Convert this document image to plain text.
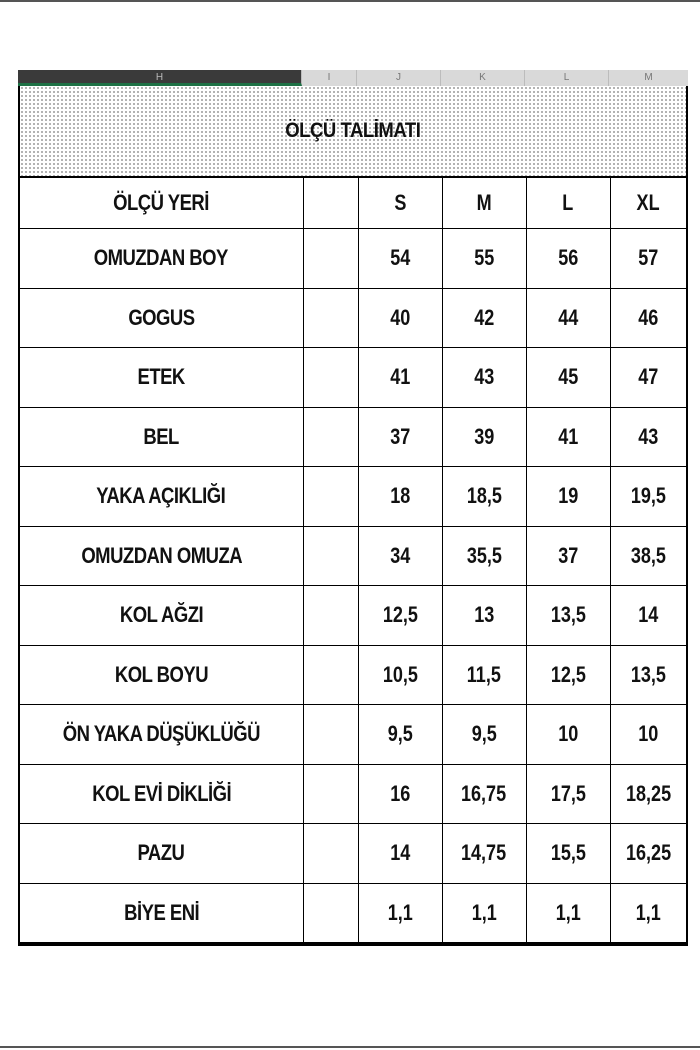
H	I	J	K	L	M
ÖLÇÜ TALİMATI
ÖLÇÜ YERİ		S	M	L	XL
OMUZDAN BOY		54	55	56	57
GOGUS		40	42	44	46
ETEK		41	43	45	47
BEL		37	39	41	43
YAKA AÇIKLIĞI		18	18,5	19	19,5
OMUZDAN OMUZA		34	35,5	37	38,5
KOL AĞZI		12,5	13	13,5	14
KOL BOYU		10,5	11,5	12,5	13,5
ÖN YAKA DÜŞÜKLÜĞÜ		9,5	9,5	10	10
KOL EVİ DİKLİĞİ		16	16,75	17,5	18,25
PAZU		14	14,75	15,5	16,25
BİYE ENİ		1,1	1,1	1,1	1,1
